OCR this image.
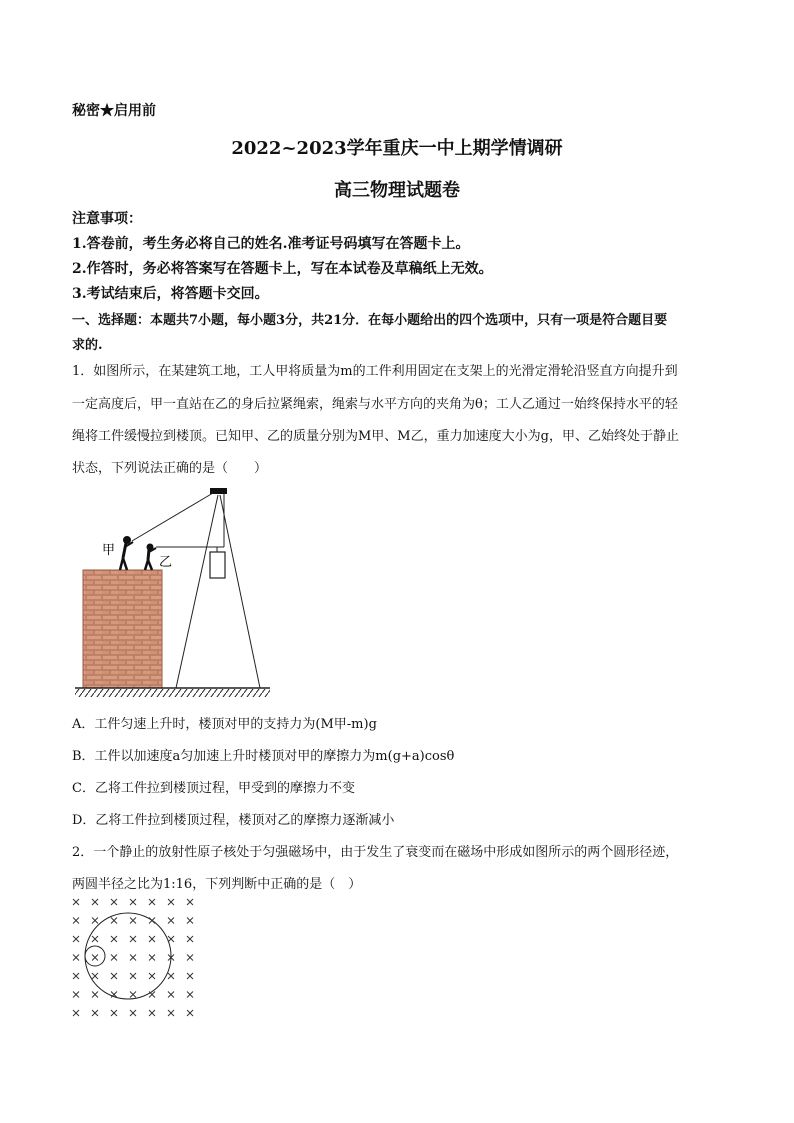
秘密★启用前
2022~2023学年重庆一中上期学情调研
高三物理试题卷
注意事项：
1.答卷前，考生务必将自己的姓名.准考证号码填写在答题卡上。
2.作答时，务必将答案写在答题卡上，写在本试卷及草稿纸上无效。
3.考试结束后，将答题卡交回。
一、选择题：本题共7小题，每小题3分，共21分．在每小题给出的四个选项中，只有一项是符合题目要
求的.
1．如图所示，在某建筑工地，工人甲将质量为m的工件利用固定在支架上的光滑定滑轮沿竖直方向提升到
一定高度后，甲一直站在乙的身后拉紧绳索，绳索与水平方向的夹角为θ；工人乙通过一始终保持水平的轻
绳将工件缓慢拉到楼顶。已知甲、乙的质量分别为M甲、M乙，重力加速度大小为g，甲、乙始终处于静止
状态，下列说法正确的是（　　）
甲
乙
A．工件匀速上升时，楼顶对甲的支持力为(M甲-m)g
B．工件以加速度a匀加速上升时楼顶对甲的摩擦力为m(g+a)cosθ
C．乙将工件拉到楼顶过程，甲受到的摩擦力不变
D．乙将工件拉到楼顶过程，楼顶对乙的摩擦力逐渐减小
2．一个静止的放射性原子核处于匀强磁场中，由于发生了衰变而在磁场中形成如图所示的两个圆形径迹，
两圆半径之比为1:16，下列判断中正确的是（　）
